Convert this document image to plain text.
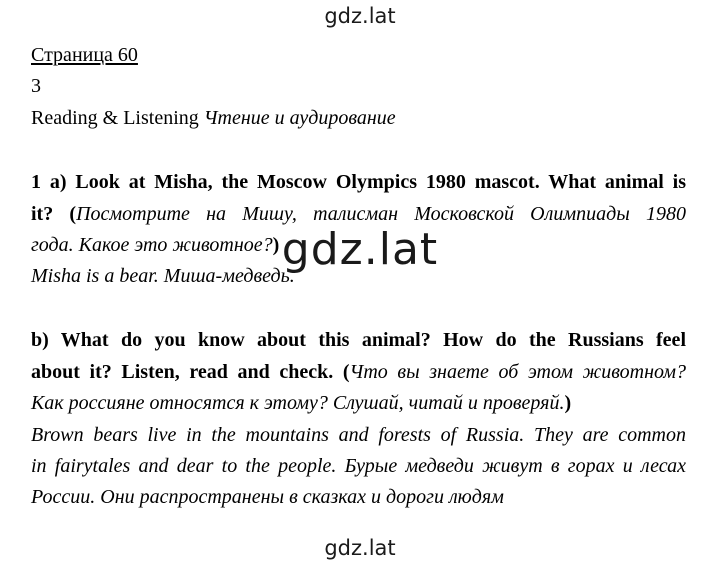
gdz.lat
Страница 60
3
Reading & Listening Чтение и аудирование
1 a) Look at Misha, the Moscow Olympics 1980 mascot. What animal is
it? (Посмотрите на Мишу, талисман Московской Олимпиады 1980
года. Какое это животное?)
Misha is a bear. Миша-медведь.
b) What do you know about this animal? How do the Russians feel
about it? Listen, read and check. (Что вы знаете об этом животном?
Как россияне относятся к этому? Слушай, читай и проверяй.)
Brown bears live in the mountains and forests of Russia. They are common
in fairytales and dear to the people. Бурые медведи живут в горах и лесах
России. Они распространены в сказках и дороги людям
gdz.lat
gdz.lat
